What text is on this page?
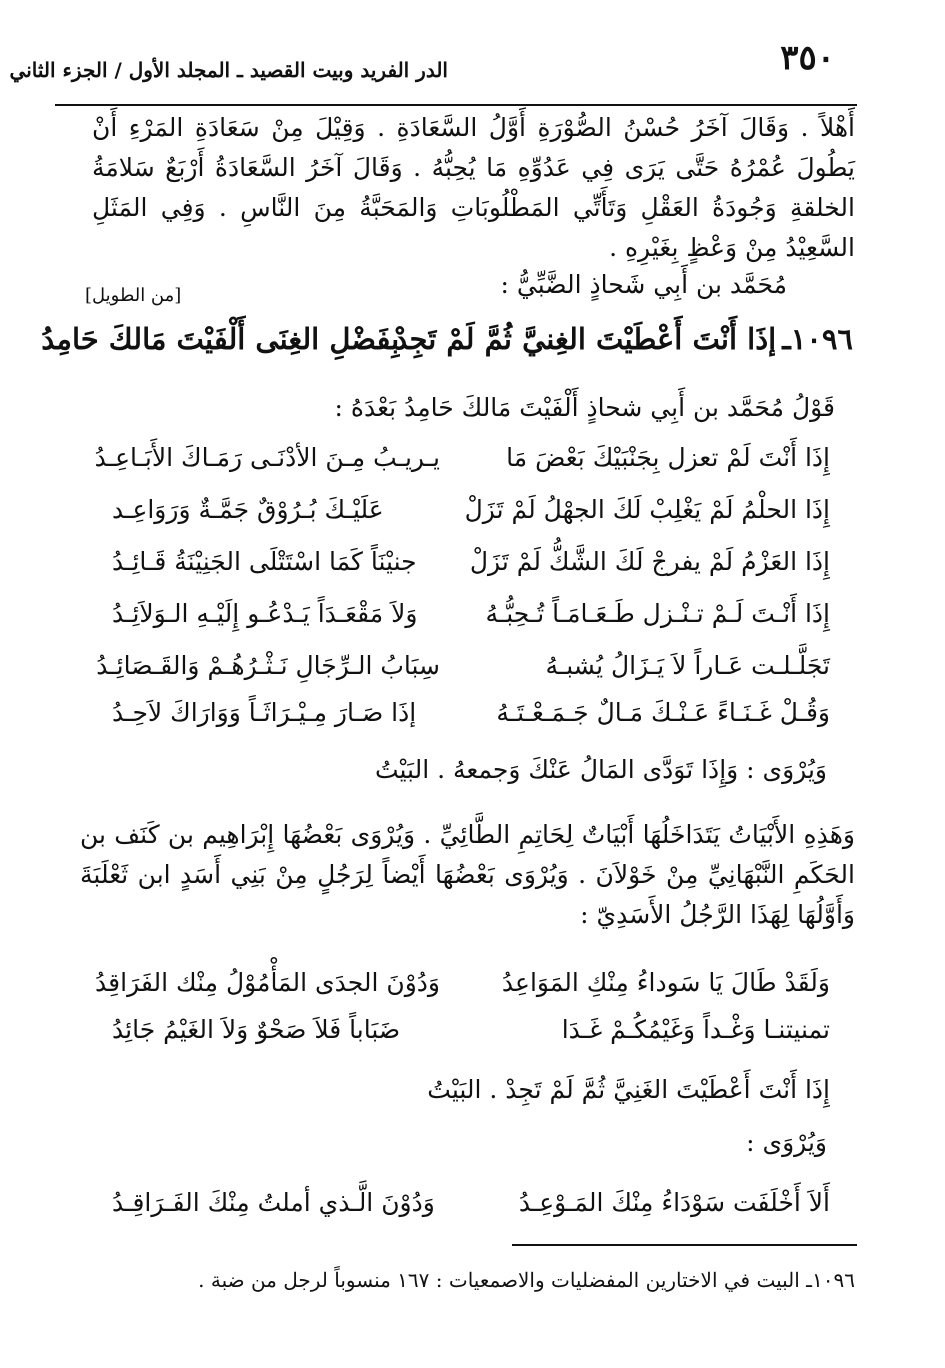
٣٥٠
الدر الفريد وبيت القصيد ـ المجلد الأول / الجزء الثاني
أَهْلاً . وَقَالَ آخَرُ حُسْنُ الصُّوْرَةِ أَوَّلُ السَّعَادَةِ . وَقِيْلَ مِنْ سَعَادَةِ المَرْءِ أَنْ يَطُولَ عُمْرُهُ حَتَّى يَرَى فِي عَدُوِّهِ مَا يُحِبُّهُ . وَقَالَ آخَرُ السَّعَادَةُ أَرْبَعٌ سَلامَةُ الخلقةِ وَجُودَةُ العَقْلِ وَتَأَتِّي المَطْلُوبَاتِ وَالمَحَبَّةُ مِنَ النَّاسِ . وَفِي المَثَلِ السَّعِيْدُ مِنْ وَعْظٍ بِغَيْرِهِ .
مُحَمَّد بن أَبِي شَحاذٍ الضَّبِّيُّ :
[من الطويل]
١٠٩٦ـإذَا أَنْتَ أَعْطَيْتَ الغِنيَّ ثُمَّ لَمْ تَجِدْبِفَضْلِ الغِنَى أَلْفَيْتَ مَالكَ حَامِدُ
قَوْلُ مُحَمَّد بن أَبِي شحاذٍ أَلْفَيْتَ مَالكَ حَامِدُ بَعْدَهُ :
إِذَا أَنْتَ لَمْ تعزل بِجَنْبَيْكَ بَعْضَ مَايـريـبُ مِـنَ الأدْنَـى رَمَـاكَ الأَبَـاعِـدُ
إِذَا الحلْمُ لَمْ يَغْلِبْ لَكَ الجهْلُ لَمْ تَزَلْعَلَيْـكَ بُـرُوْقٌ جَمَّـةٌ وَرَوَاعِـد
إِذَا العَزْمُ لَمْ يفرجْ لَكَ الشَّكُّ لَمْ تَزَلْجنيْنَاً كَمَا اسْتَتْلَى الجَنِيْنَةُ قَـائِـدُ
إِذَا أَنْـتَ لَـمْ تـنْـزل طَـعَـامَـاً تُـحِبُّـهُوَلاَ مَقْعَـدَاً يَـدْعُـو إِلَيْـهِ الـوَلاَئِـدُ
تَجَلَّـلـت عَـاراً لاَ يَـزَالُ يُشبـهُسِبَابُ الـرِّجَالِ نَـثْـرُهُـمْ وَالقَـصَائِـدُ
وَقُـلْ غَـنَـاءً عَـنْـكَ مَـالٌ جَـمَـعْـتَـهُإذَا صَـارَ مِـيْـرَاثَـاً وَوَارَاكَ لاَحِـدُ
وَيُرْوَى : وَإِذَا تَوَدَّى المَالُ عَنْكَ وَجمعهُ . البَيْتُ
وَهَذِهِ الأَبْيَاتُ يَتَدَاخَلُهَا أَبْيَاتٌ لِحَاتِمِ الطَّائِيِّ . وَيُرْوَى بَعْضُهَا إِبْرَاهِيم بن كَنَف بن الحَكَمِ النَّبْهَانِيِّ مِنْ خَوْلاَنَ . وَيُرْوَى بَعْضُهَا أَيْضاً لِرَجُلٍ مِنْ بَنِي أَسَدٍ ابن ثَعْلَبَةَ وَأَوَّلُهَا لِهَذَا الرَّجُلُ الأَسَدِيّ :
وَلَقَدْ طَالَ يَا سَوداءُ مِنْكِ المَوَاعِدُوَدُوْنَ الجدَى المَأْمُوْلُ مِنْك الفَرَاقِدُ
تمنيتنـا وَغْـداً وَغَيْمُكُـمْ غَـدَاضَبَاباً فَلاَ صَحْوٌ وَلاَ الغَيْمُ جَائِدُ
إِذَا أَنْتَ أَعْطَيْتَ الغَنِيَّ ثُمَّ لَمْ تَجِدْ . البَيْتُ
وَيُرْوَى :
أَلاَ أَخْلَفَت سَوْدَاءُ مِنْكَ المَـوْعِـدُوَدُوْنَ الَّـذي أملتُ مِنْكَ الفَـرَاقِـدُ
١٠٩٦ـ البيت في الاختارين المفضليات والاصمعيات : ١٦٧ منسوباً لرجل من ضبة .
